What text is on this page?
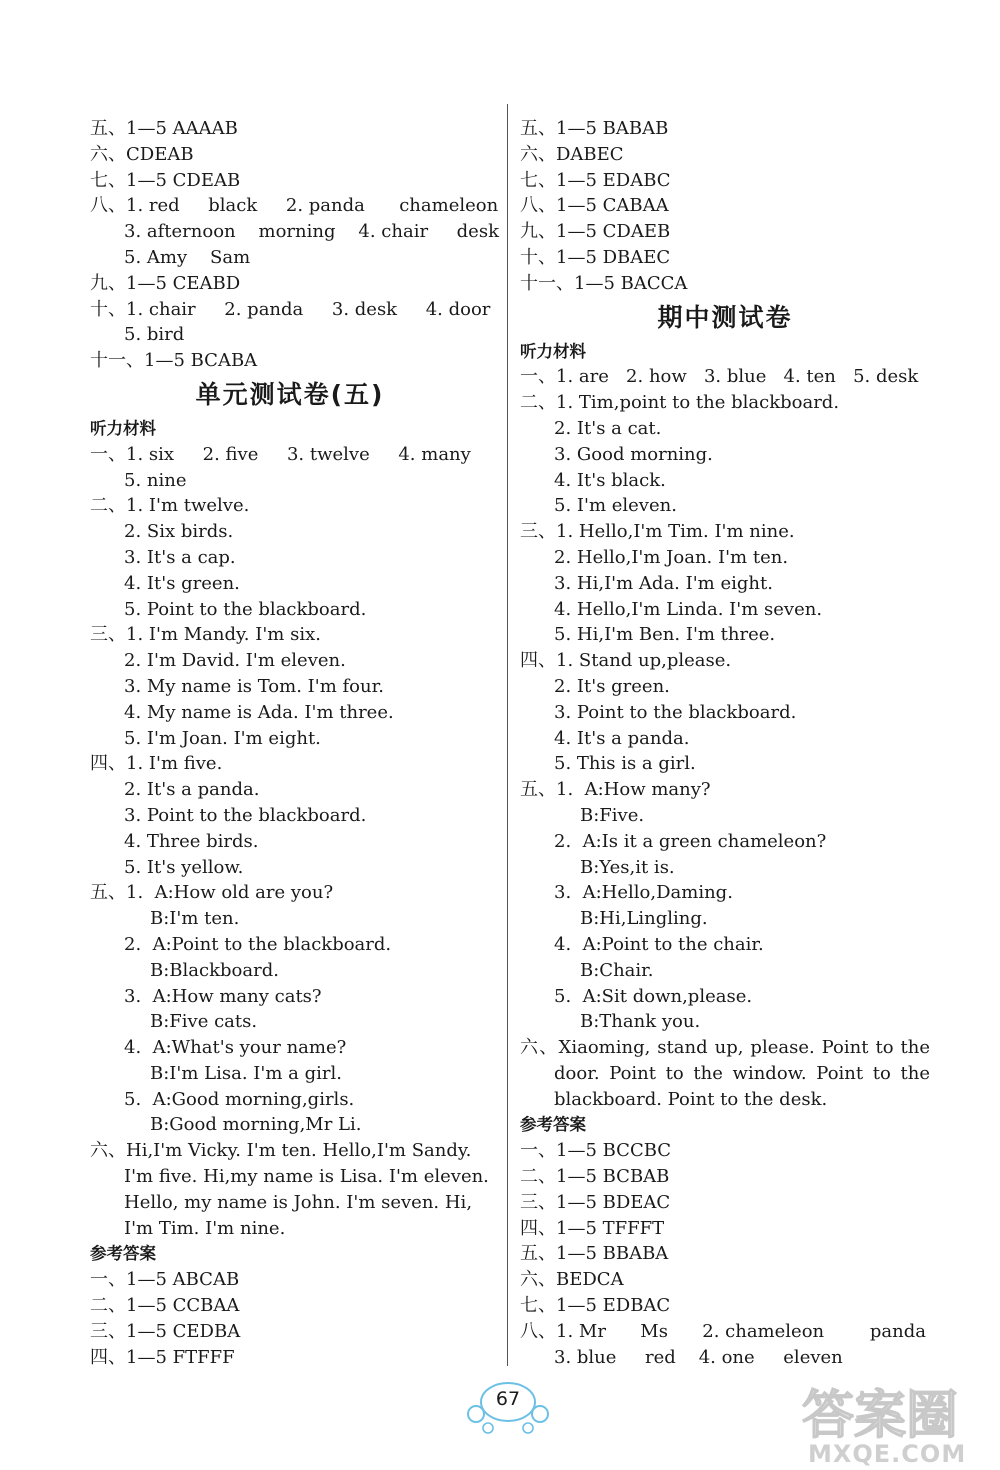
五、1—5 AAAAB
六、CDEAB
七、1—5 CDEAB
八、1. red     black     2. panda      chameleon
3. afternoon    morning    4. chair     desk
5. Amy    Sam
九、1—5 CEABD
十、1. chair     2. panda     3. desk     4. door
5. bird
十一、1—5 BCABA
单元测试卷(五)
听力材料
一、1. six     2. five     3. twelve     4. many
5. nine
二、1. I'm twelve.
2. Six birds.
3. It's a cap.
4. It's green.
5. Point to the blackboard.
三、1. I'm Mandy. I'm six.
2. I'm David. I'm eleven.
3. My name is Tom. I'm four.
4. My name is Ada. I'm three.
5. I'm Joan. I'm eight.
四、1. I'm five.
2. It's a panda.
3. Point to the blackboard.
4. Three birds.
5. It's yellow.
五、1.  A:How old are you?
B:I'm ten.
2.  A:Point to the blackboard.
B:Blackboard.
3.  A:How many cats?
B:Five cats.
4.  A:What's your name?
B:I'm Lisa. I'm a girl.
5.  A:Good morning,girls.
B:Good morning,Mr Li.
六、Hi,I'm Vicky. I'm ten. Hello,I'm Sandy.
I'm five. Hi,my name is Lisa. I'm eleven.
Hello, my name is John. I'm seven. Hi,
I'm Tim. I'm nine.
参考答案
一、1—5 ABCAB
二、1—5 CCBAA
三、1—5 CEDBA
四、1—5 FTFFF
五、1—5 BABAB
六、DABEC
七、1—5 EDABC
八、1—5 CABAA
九、1—5 CDAEB
十、1—5 DBAEC
十一、1—5 BACCA
期中测试卷
听力材料
一、1. are   2. how   3. blue   4. ten   5. desk
二、1. Tim,point to the blackboard.
2. It's a cat.
3. Good morning.
4. It's black.
5. I'm eleven.
三、1. Hello,I'm Tim. I'm nine.
2. Hello,I'm Joan. I'm ten.
3. Hi,I'm Ada. I'm eight.
4. Hello,I'm Linda. I'm seven.
5. Hi,I'm Ben. I'm three.
四、1. Stand up,please.
2. It's green.
3. Point to the blackboard.
4. It's a panda.
5. This is a girl.
五、1.  A:How many?
B:Five.
2.  A:Is it a green chameleon?
B:Yes,it is.
3.  A:Hello,Daming.
B:Hi,Lingling.
4.  A:Point to the chair.
B:Chair.
5.  A:Sit down,please.
B:Thank you.
六、Xiaoming, stand up, please. Point to the
door. Point to the window. Point to the
blackboard. Point to the desk.
参考答案
一、1—5 BCCBC
二、1—5 BCBAB
三、1—5 BDEAC
四、1—5 TFFFT
五、1—5 BBABA
六、BEDCA
七、1—5 EDBAC
八、1. Mr      Ms      2. chameleon        panda
3. blue     red    4. one     eleven
67	答案圈
MXQE.COM
